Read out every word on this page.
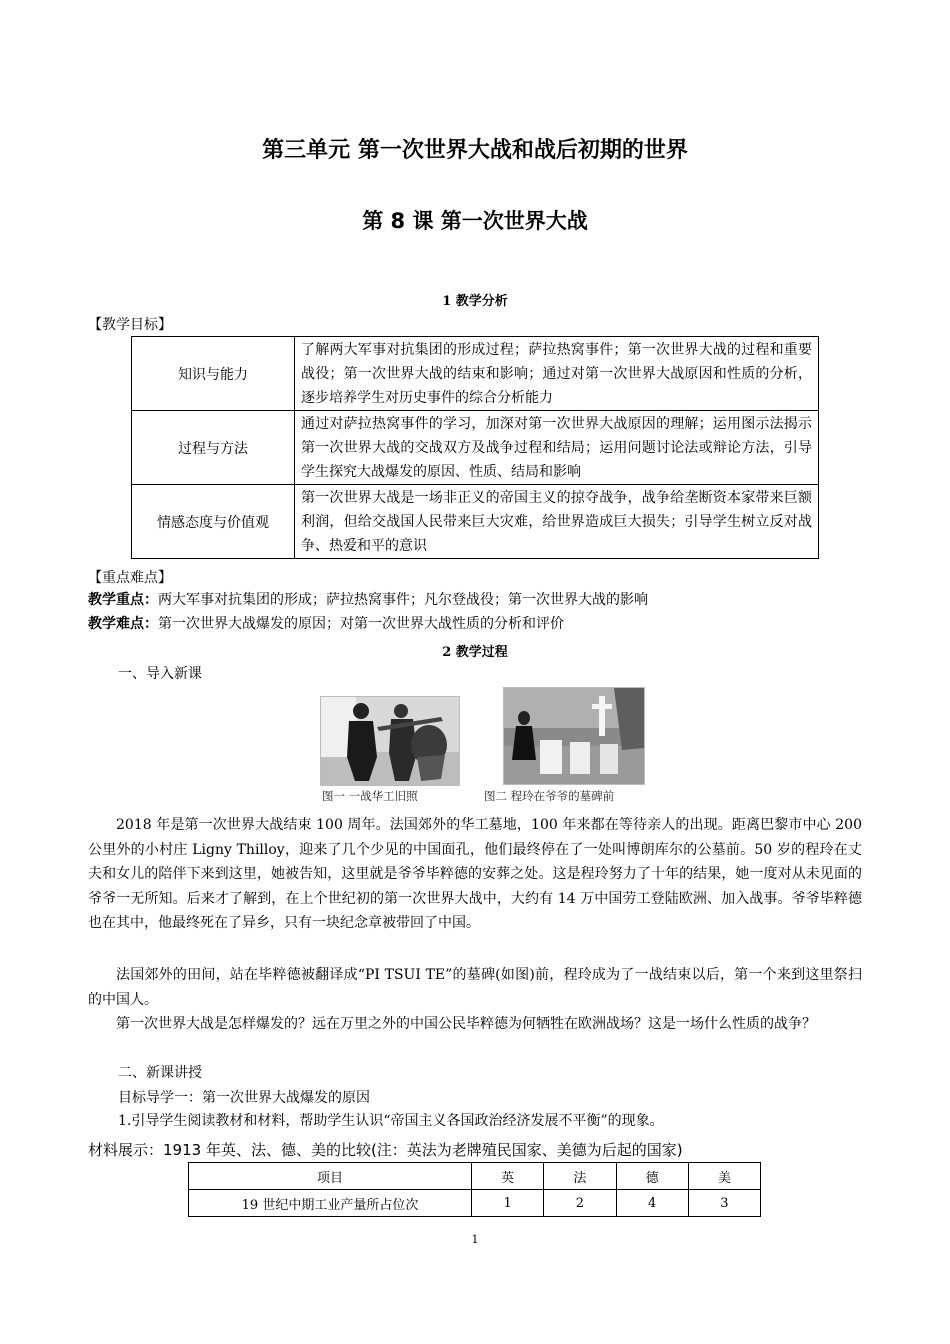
第三单元 第一次世界大战和战后初期的世界
第 8 课 第一次世界大战
1 教学分析
【教学目标】
知识与能力	了解两大军事对抗集团的形成过程；萨拉热窝事件；第一次世界大战的过程和重要战役；第一次世界大战的结束和影响；通过对第一次世界大战原因和性质的分析，逐步培养学生对历史事件的综合分析能力
过程与方法	通过对萨拉热窝事件的学习，加深对第一次世界大战原因的理解；运用图示法揭示第一次世界大战的交战双方及战争过程和结局；运用问题讨论法或辩论方法，引导学生探究大战爆发的原因、性质、结局和影响
情感态度与价值观	第一次世界大战是一场非正义的帝国主义的掠夺战争，战争给垄断资本家带来巨额利润，但给交战国人民带来巨大灾难，给世界造成巨大损失；引导学生树立反对战争、热爱和平的意识
【重点难点】
教学重点：两大军事对抗集团的形成；萨拉热窝事件；凡尔登战役；第一次世界大战的影响
教学难点：第一次世界大战爆发的原因；对第一次世界大战性质的分析和评价
2 教学过程
一、导入新课
图一 一战华工旧照	图二 程玲在爷爷的墓碑前
2018 年是第一次世界大战结束 100 周年。法国郊外的华工墓地，100 年来都在等待亲人的出现。距离巴黎市中心 200 公里外的小村庄 Ligny Thilloy，迎来了几个少见的中国面孔，他们最终停在了一处叫博朗库尔的公墓前。50 岁的程玲在丈夫和女儿的陪伴下来到这里，她被告知，这里就是爷爷毕粹德的安葬之处。这是程玲努力了十年的结果，她一度对从未见面的爷爷一无所知。后来才了解到，在上个世纪初的第一次世界大战中，大约有 14 万中国劳工登陆欧洲、加入战事。爷爷毕粹德也在其中，他最终死在了异乡，只有一块纪念章被带回了中国。
法国郊外的田间，站在毕粹德被翻译成“PI TSUI TE”的墓碑(如图)前，程玲成为了一战结束以后，第一个来到这里祭扫的中国人。
第一次世界大战是怎样爆发的？远在万里之外的中国公民毕粹德为何牺牲在欧洲战场？这是一场什么性质的战争？
二、新课讲授
目标导学一：第一次世界大战爆发的原因
1.引导学生阅读教材和材料，帮助学生认识“帝国主义各国政治经济发展不平衡”的现象。
材料展示：1913 年英、法、德、美的比较(注：英法为老牌殖民国家、美德为后起的国家)
项目	英	法	德	美
19 世纪中期工业产量所占位次	1	2	4	3
1
